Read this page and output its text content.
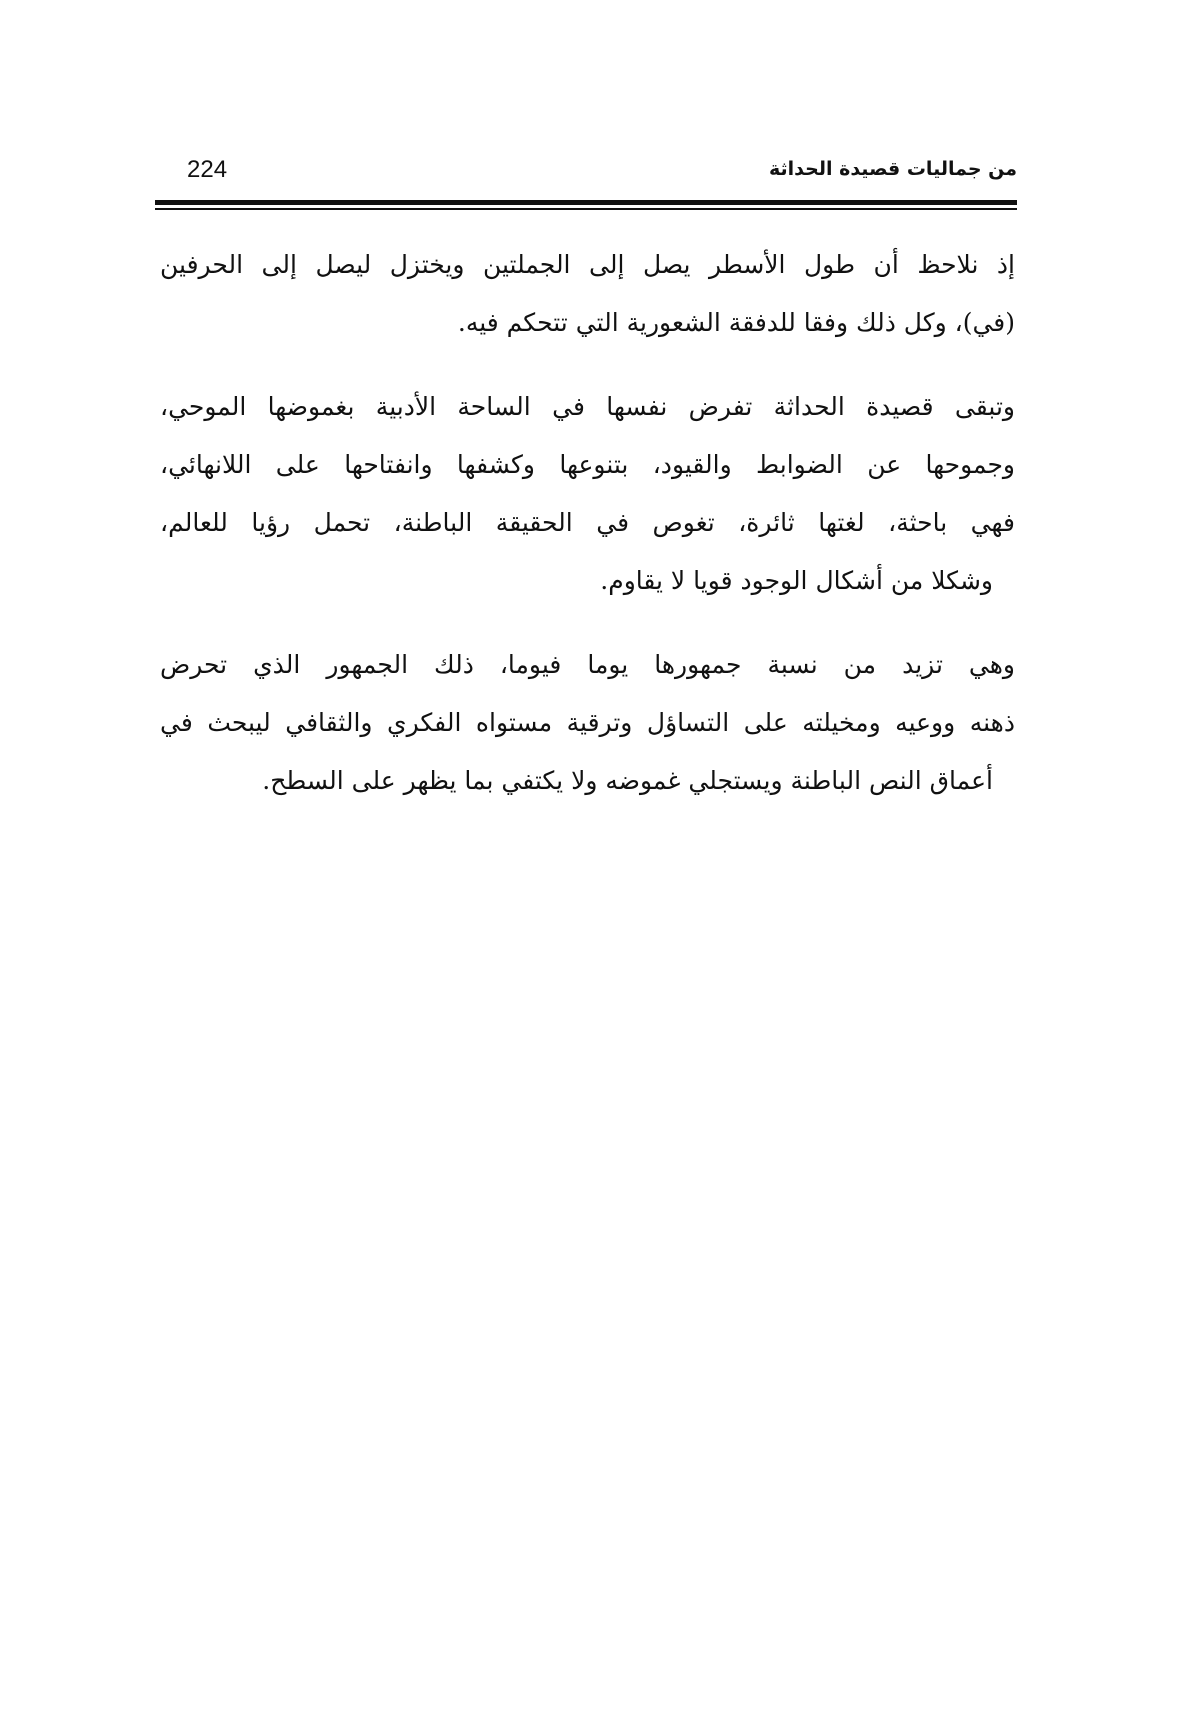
224	من جماليات قصيدة الحداثة

إذ نلاحظ أن طول الأسطر يصل إلى الجملتين ويختزل ليصل إلى الحرفين
(في)، وكل ذلك وفقا للدفقة الشعورية التي تتحكم فيه.

وتبقى قصيدة الحداثة تفرض نفسها في الساحة الأدبية بغموضها الموحي،
وجموحها عن الضوابط والقيود، بتنوعها وكشفها وانفتاحها على اللانهائي،
فهي باحثة، لغتها ثائرة، تغوص في الحقيقة الباطنة، تحمل رؤيا للعالم،
وشكلا من أشكال الوجود قويا لا يقاوم.

وهي تزيد من نسبة جمهورها يوما فيوما، ذلك الجمهور الذي تحرض
ذهنه ووعيه ومخيلته على التساؤل وترقية مستواه الفكري والثقافي ليبحث في
أعماق النص الباطنة ويستجلي غموضه ولا يكتفي بما يظهر على السطح.
